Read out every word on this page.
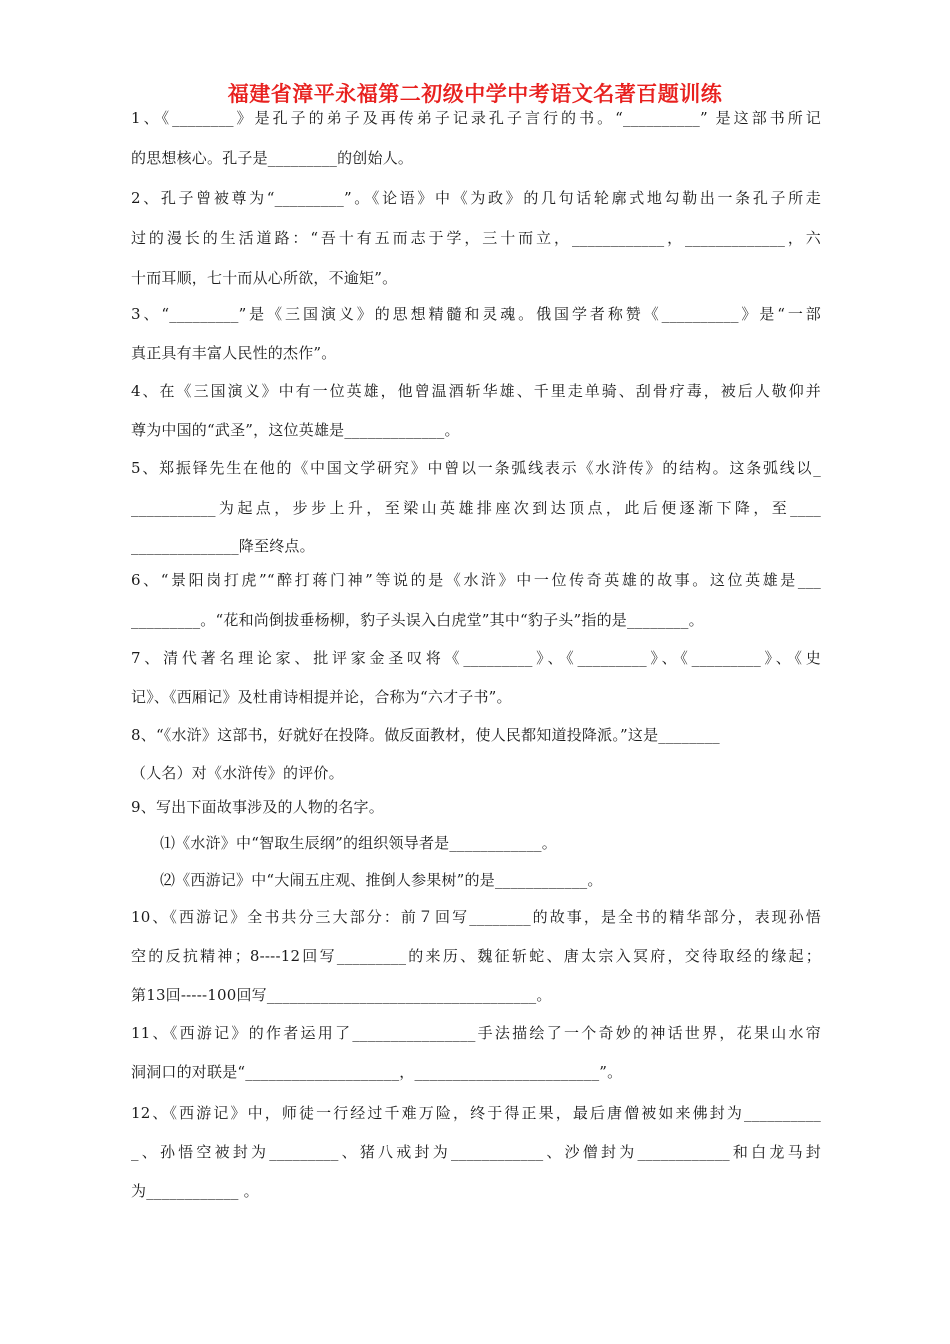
福建省漳平永福第二初级中学中考语文名著百题训练
1、《________》是孔子的弟子及再传弟子记录孔子言行的书。“__________” 是这部书所记
的思想核心。孔子是_________的创始人。
2、孔子曾被尊为“_________”。《论语》中《为政》的几句话轮廓式地勾勒出一条孔子所走
过的漫长的生活道路：“吾十有五而志于学，三十而立，____________，_____________，六
十而耳顺，七十而从心所欲，不逾矩”。
3、“_________”是《三国演义》的思想精髓和灵魂。俄国学者称赞《__________》是“一部
真正具有丰富人民性的杰作”。
4、在《三国演义》中有一位英雄，他曾温酒斩华雄、千里走单骑、刮骨疗毒，被后人敬仰并
尊为中国的“武圣”，这位英雄是_____________。
5、郑振铎先生在他的《中国文学研究》中曾以一条弧线表示《水浒传》的结构。这条弧线以_
___________为起点，步步上升，至梁山英雄排座次到达顶点，此后便逐渐下降，至____
______________降至终点。
6、“景阳岗打虎”“醉打蒋门神”等说的是《水浒》中一位传奇英雄的故事。这位英雄是___
_________。“花和尚倒拔垂杨柳，豹子头误入白虎堂”其中“豹子头”指的是________。
7、清代著名理论家、批评家金圣叹将《_________》、《_________》、《_________》、《史
记》、《西厢记》及杜甫诗相提并论，合称为“六才子书”。
8、“《水浒》这部书，好就好在投降。做反面教材，使人民都知道投降派。”这是________
（人名）对《水浒传》的评价。
9、写出下面故事涉及的人物的名字。
⑴《水浒》中“智取生辰纲”的组织领导者是____________。
⑵《西游记》中“大闹五庄观、推倒人参果树”的是____________。
10、《西游记》全书共分三大部分：前７回写________的故事，是全书的精华部分，表现孙悟
空的反抗精神；8----12回写_________的来历、魏征斩蛇、唐太宗入冥府，交待取经的缘起；
第13回-----100回写___________________________________。
11、《西游记》的作者运用了________________手法描绘了一个奇妙的神话世界，花果山水帘
洞洞口的对联是“____________________，________________________”。
12、《西游记》中，师徒一行经过千难万险，终于得正果，最后唐僧被如来佛封为__________
_、孙悟空被封为_________、猪八戒封为____________、沙僧封为____________和白龙马封
为____________ 。
